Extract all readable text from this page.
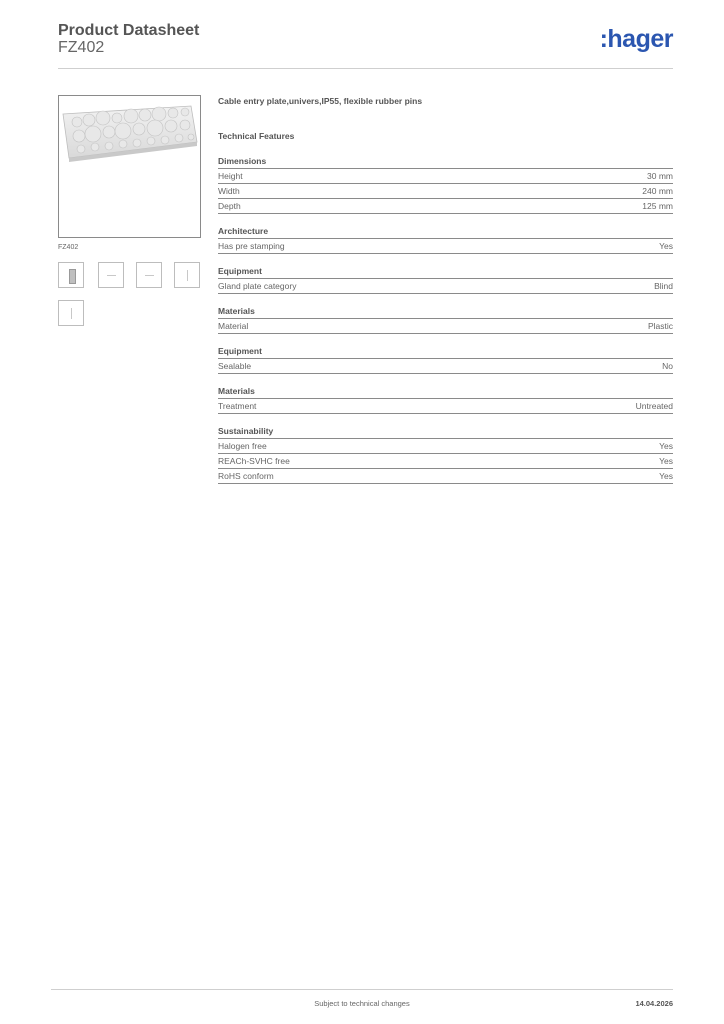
Product Datasheet
FZ402	:hager
FZ402
Cable entry plate,univers,IP55, flexible rubber pins
Technical Features
Dimensions
Height	30 mm
Width	240 mm
Depth	125 mm
Architecture
Has pre stamping	Yes
Equipment
Gland plate category	Blind
Materials
Material	Plastic
Equipment
Sealable	No
Materials
Treatment	Untreated
Sustainability
Halogen free	Yes
REACh-SVHC free	Yes
RoHS conform	Yes
Subject to technical changes	14.04.2026
